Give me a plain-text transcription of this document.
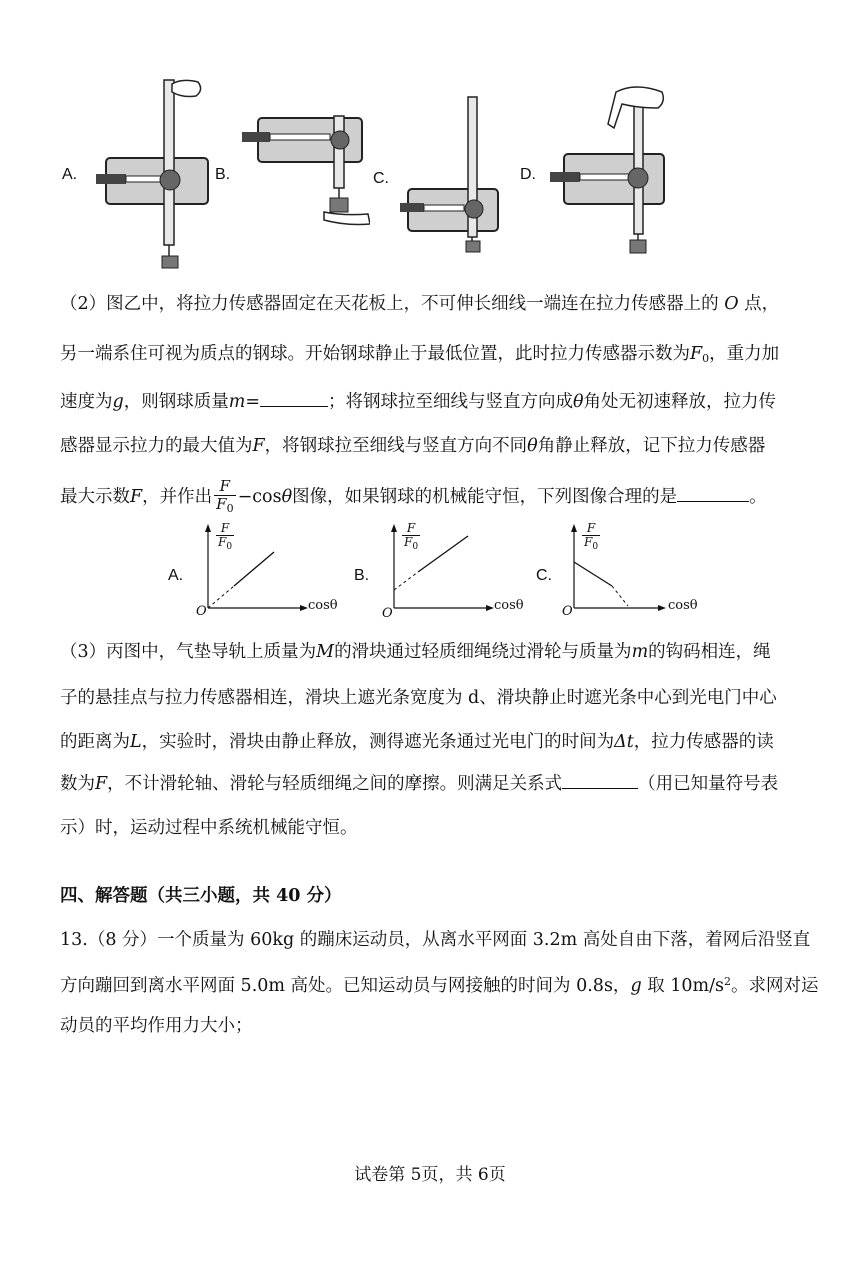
A.	B.	C.	D.
（2）图乙中，将拉力传感器固定在天花板上，不可伸长细线一端连在拉力传感器上的 O 点，
另一端系住可视为质点的钢球。开始钢球静止于最低位置，此时拉力传感器示数为$F_0$，重力加
速度为g，则钢球质量m=	；将钢球拉至细线与竖直方向成θ角处无初速释放，拉力传
感器显示拉力的最大值为F，将钢球拉至细线与竖直方向不同θ角静止释放，记下拉力传感器
最大示数F，并作出 $\frac{F}{F_0} -\cos\theta$图像，如果钢球的机械能守恒，下列图像合理的是	。
A.
$\frac{F}{F_0}$
O	cosθ
B.
$\frac{F}{F_0}$
O
cosθ
C.
$\frac{F}{F_0}$
O	cosθ
（3）丙图中，气垫导轨上质量为M的滑块通过轻质细绳绕过滑轮与质量为m的钩码相连，绳
子的悬挂点与拉力传感器相连，滑块上遮光条宽度为 d、滑块静止时遮光条中心到光电门中心
的距离为L，实验时，滑块由静止释放，测得遮光条通过光电门的时间为Δt，拉力传感器的读
数为F，不计滑轮轴、滑轮与轻质细绳之间的摩擦。则满足关系式	（用已知量符号表
示）时，运动过程中系统机械能守恒。
四、解答题（共三小题，共 40 分）
13.（8 分）一个质量为 60kg 的蹦床运动员，从离水平网面 3.2m 高处自由下落，着网后沿竖直
方向蹦回到离水平网面 5.0m 高处。已知运动员与网接触的时间为 0.8s，g 取 $10m/s^2$。求网对运
动员的平均作用力大小；
试卷第 5页，共 6页
